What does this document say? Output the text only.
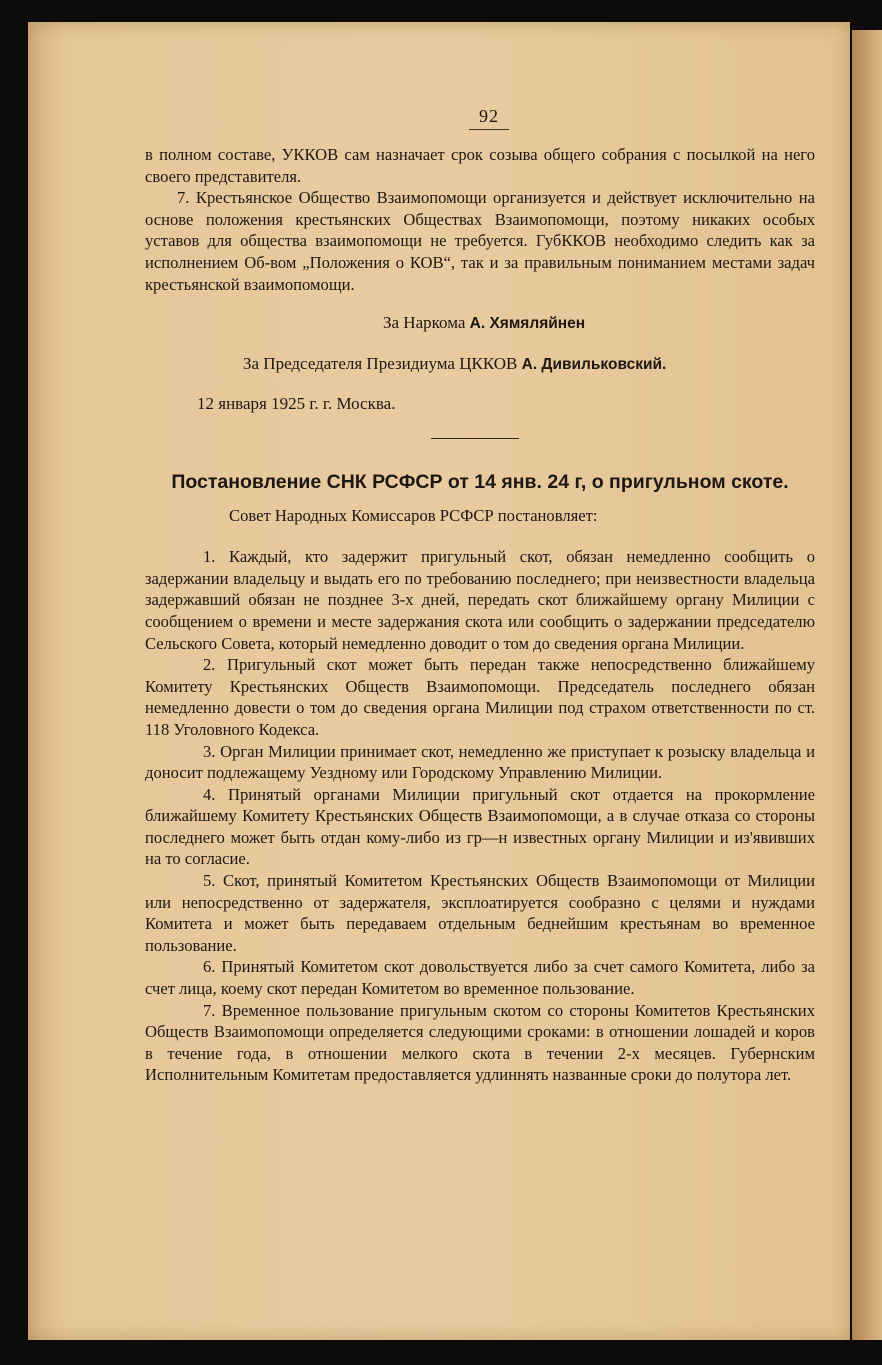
92

в полном составе, УККОВ сам назначает срок созыва общего собрания с посылкой на него своего представителя.

7. Крестьянское Общество Взаимопомощи организуется и действует исключительно на основе положения крестьянских Обществах Взаимопомощи, поэтому никаких особых уставов для общества взаимопомощи не требуется. ГубККОВ необходимо следить как за исполнением Об-вом „Положения о КОВ“, так и за правильным пониманием местами задач крестьянской взаимопомощи.

За Наркома А. Хямяляйнен

За Председателя Президиума ЦККОВ А. Дивильковский.

12 января 1925 г. г. Москва.

Постановление СНК РСФСР от 14 янв. 24 г, о пригульном скоте.
Совет Народных Комиссаров РСФСР постановляет:

1. Каждый, кто задержит пригульный скот, обязан немедленно сообщить о задержании владельцу и выдать его по требованию последнего; при неизвестности владельца задержавший обязан не позднее 3-х дней, передать скот ближайшему органу Милиции с сообщением о времени и месте задержания скота или сообщить о задержании председателю Сельского Совета, который немедленно доводит о том до сведения органа Милиции.

2. Пригульный скот может быть передан также непосредственно ближайшему Комитету Крестьянских Обществ Взаимопомощи. Председатель последнего обязан немедленно довести о том до сведения органа Милиции под страхом ответственности по ст. 118 Уголовного Кодекса.

3. Орган Милиции принимает скот, немедленно же приступает к розыску владельца и доносит подлежащему Уездному или Городскому Управлению Милиции.

4. Принятый органами Милиции пригульный скот отдается на прокормление ближайшему Комитету Крестьянских Обществ Взаимопомощи, а в случае отказа со стороны последнего может быть отдан кому-либо из гр—н известных органу Милиции и из'явивших на то согласие.

5. Скот, принятый Комитетом Крестьянских Обществ Взаимопомощи от Милиции или непосредственно от задержателя, эксплоатируется сообразно с целями и нуждами Комитета и может быть передаваем отдельным беднейшим крестьянам во временное пользование.

6. Принятый Комитетом скот довольствуется либо за счет самого Комитета, либо за счет лица, коему скот передан Комитетом во временное пользование.

7. Временное пользование пригульным скотом со стороны Комитетов Крестьянских Обществ Взаимопомощи определяется следующими сроками: в отношении лошадей и коров в течение года, в отношении мелкого скота в течении 2-х месяцев. Губернским Исполнительным Комитетам предоставляется удлиннять названные сроки до полутора лет.
